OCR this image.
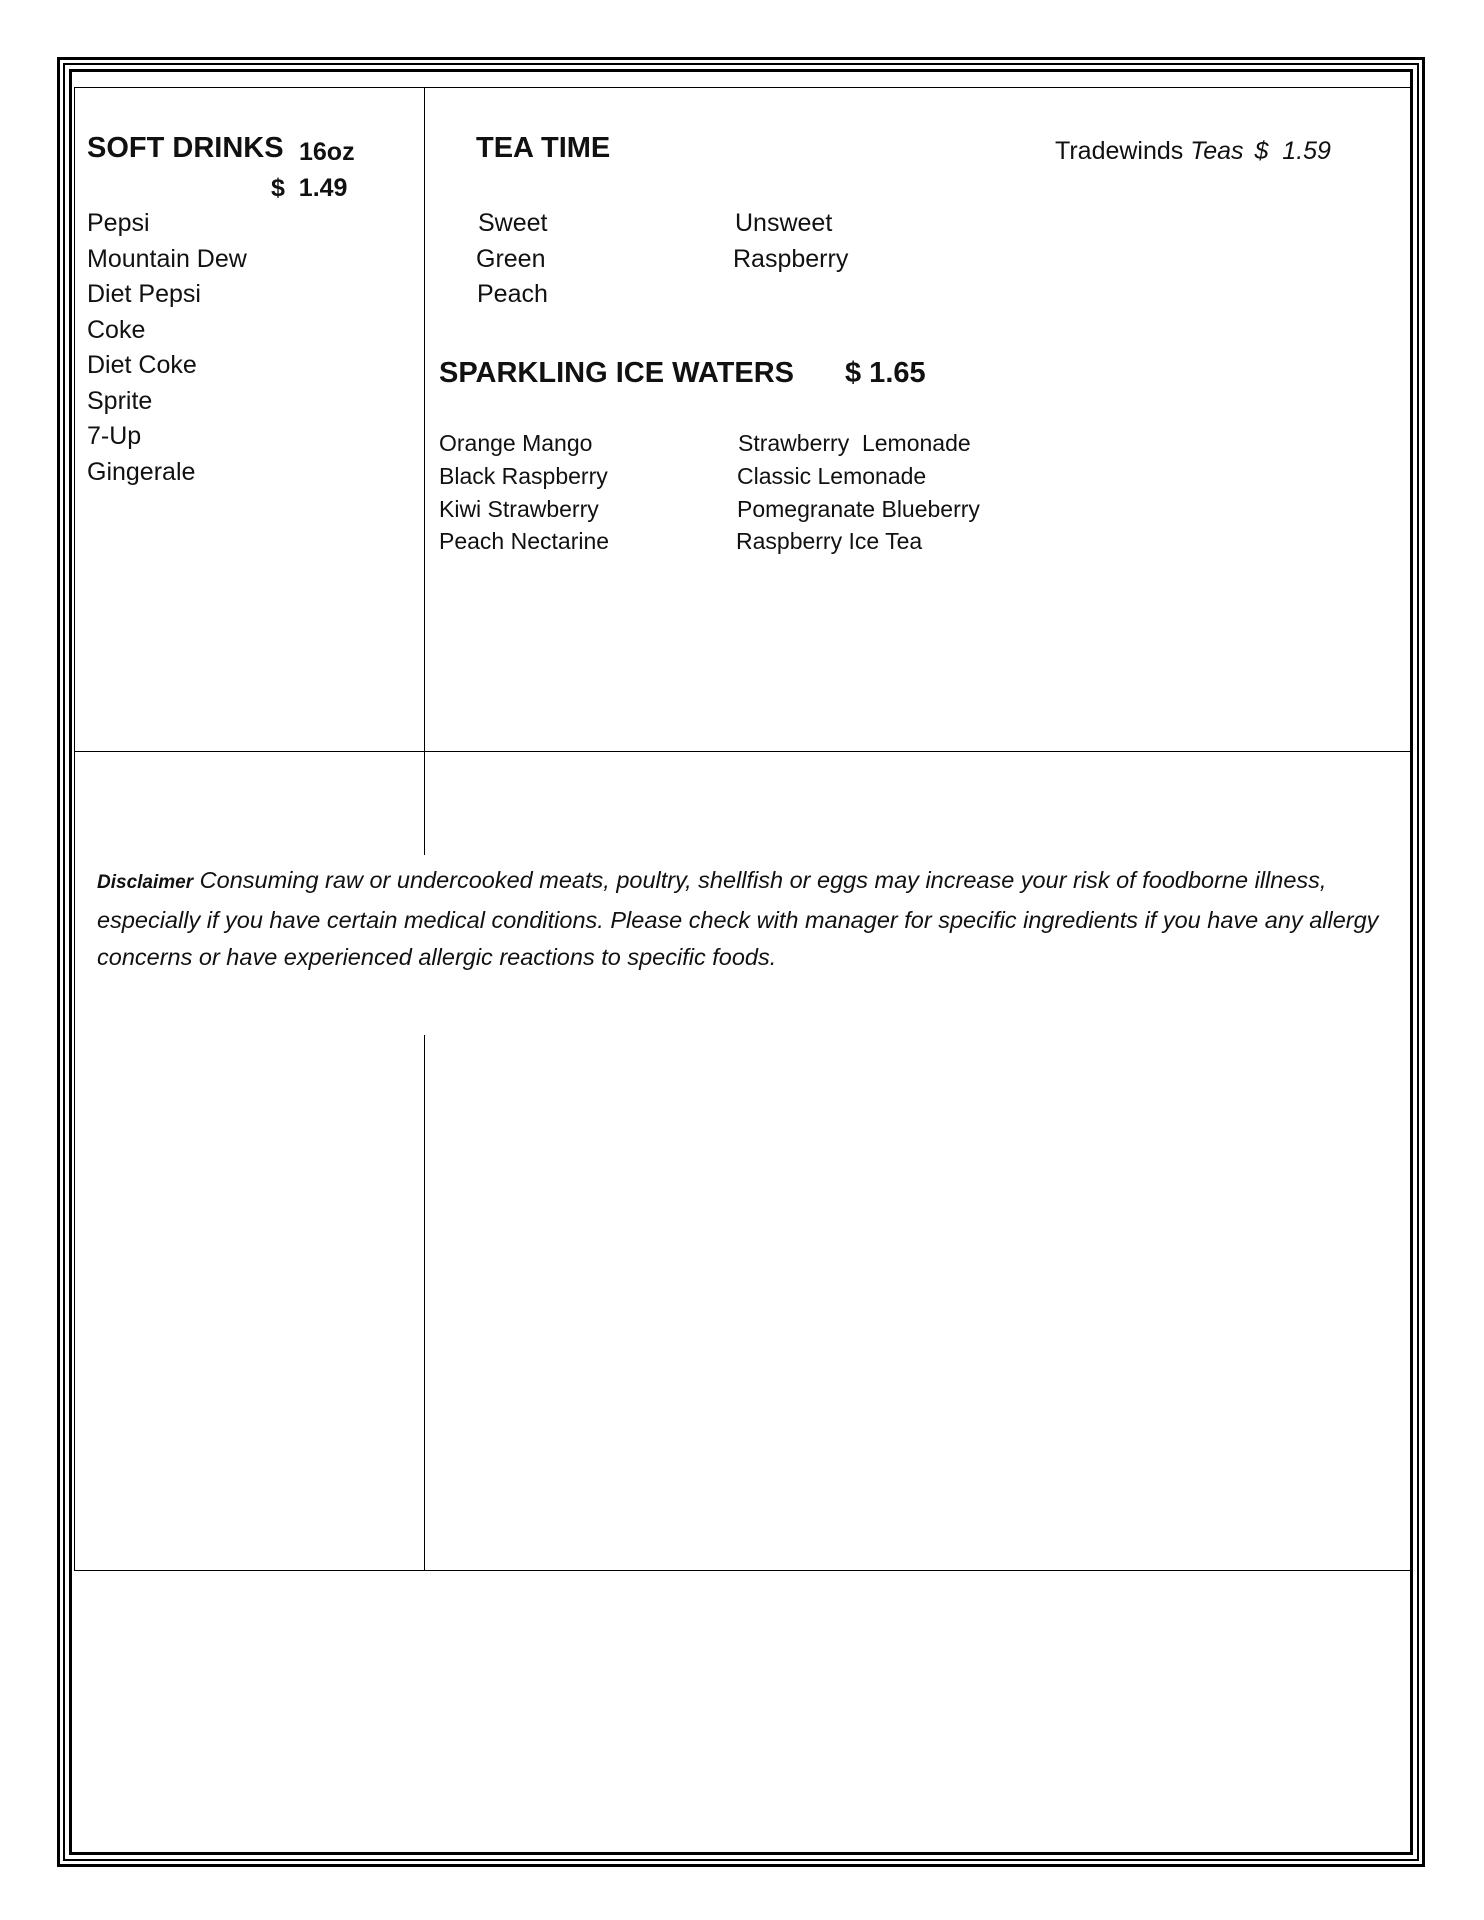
SOFT DRINKS 16oz
$  1.49
Pepsi
Mountain Dew
Diet Pepsi
Coke
Diet Coke
Sprite
7-Up
Gingerale
TEA TIME	Tradewinds Teas $  1.59
Sweet
Green
Peach
Unsweet
Raspberry
SPARKLING ICE WATERS $ 1.65
Orange Mango
Black Raspberry
Kiwi Strawberry
Peach Nectarine
Strawberry  Lemonade
Classic Lemonade
Pomegranate Blueberry
Raspberry Ice Tea
Disclaimer Consuming raw or undercooked meats, poultry, shellfish or eggs may increase your risk of foodborne illness, especially if you have certain medical conditions. Please check with manager for specific ingredients if you have any allergy concerns or have experienced allergic reactions to specific foods.
